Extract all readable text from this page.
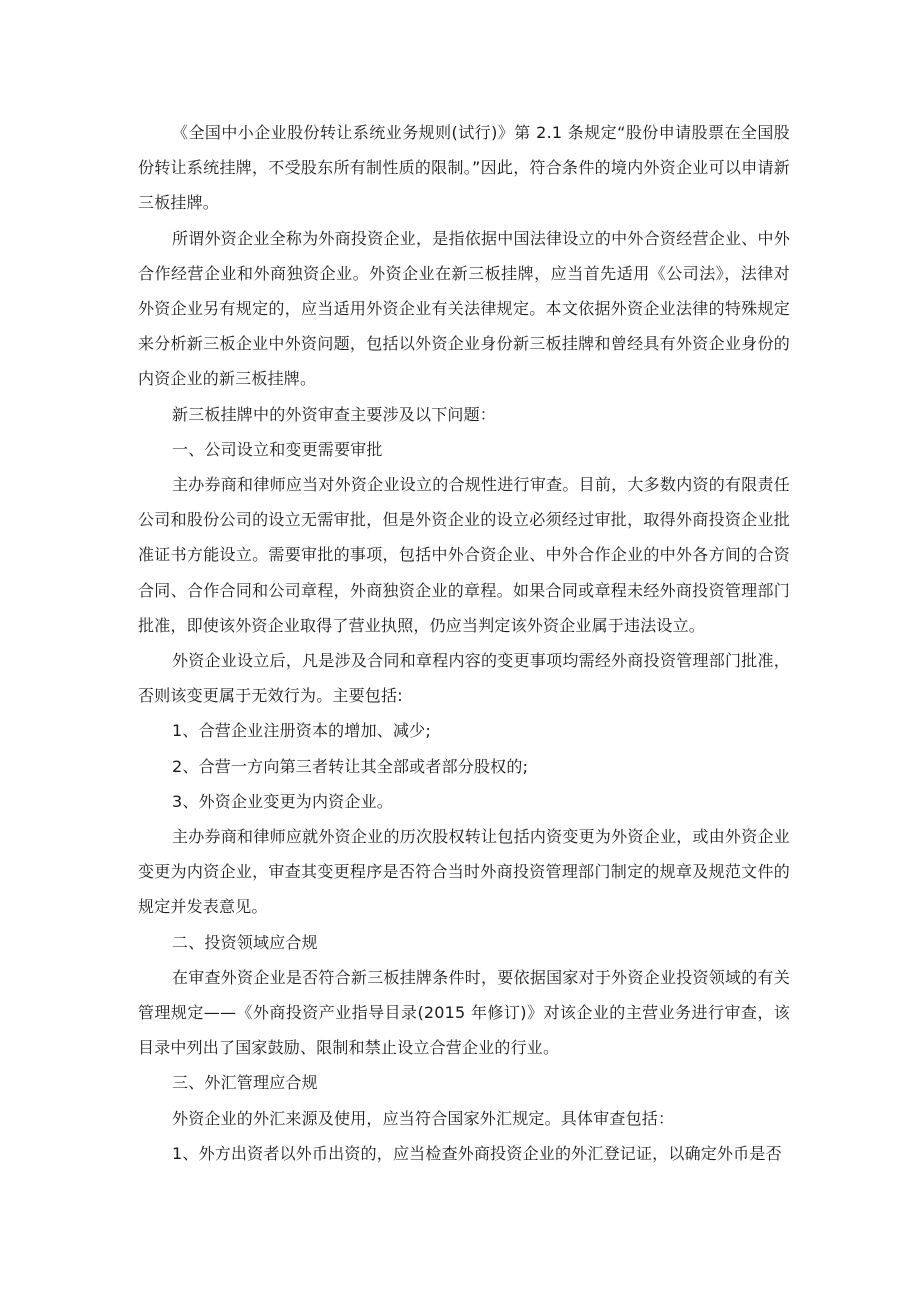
《全国中小企业股份转让系统业务规则(试行)》第 2.1 条规定“股份申请股票在全国股份转让系统挂牌，不受股东所有制性质的限制。”因此，符合条件的境内外资企业可以申请新三板挂牌。

所谓外资企业全称为外商投资企业，是指依据中国法律设立的中外合资经营企业、中外合作经营企业和外商独资企业。外资企业在新三板挂牌，应当首先适用《公司法》，法律对外资企业另有规定的，应当适用外资企业有关法律规定。本文依据外资企业法律的特殊规定来分析新三板企业中外资问题，包括以外资企业身份新三板挂牌和曾经具有外资企业身份的内资企业的新三板挂牌。

新三板挂牌中的外资审查主要涉及以下问题：

一、公司设立和变更需要审批

主办券商和律师应当对外资企业设立的合规性进行审查。目前，大多数内资的有限责任公司和股份公司的设立无需审批，但是外资企业的设立必须经过审批，取得外商投资企业批准证书方能设立。需要审批的事项，包括中外合资企业、中外合作企业的中外各方间的合资合同、合作合同和公司章程，外商独资企业的章程。如果合同或章程未经外商投资管理部门批准，即使该外资企业取得了营业执照，仍应当判定该外资企业属于违法设立。

外资企业设立后，凡是涉及合同和章程内容的变更事项均需经外商投资管理部门批准，否则该变更属于无效行为。主要包括:

1、合营企业注册资本的增加、减少;

2、合营一方向第三者转让其全部或者部分股权的;

3、外资企业变更为内资企业。

主办券商和律师应就外资企业的历次股权转让包括内资变更为外资企业，或由外资企业变更为内资企业，审查其变更程序是否符合当时外商投资管理部门制定的规章及规范文件的规定并发表意见。

二、投资领域应合规

在审查外资企业是否符合新三板挂牌条件时，要依据国家对于外资企业投资领域的有关管理规定——《外商投资产业指导目录(2015 年修订)》对该企业的主营业务进行审查，该目录中列出了国家鼓励、限制和禁止设立合营企业的行业。

三、外汇管理应合规

外资企业的外汇来源及使用，应当符合国家外汇规定。具体审查包括：

1、外方出资者以外币出资的，应当检查外商投资企业的外汇登记证，以确定外币是否
